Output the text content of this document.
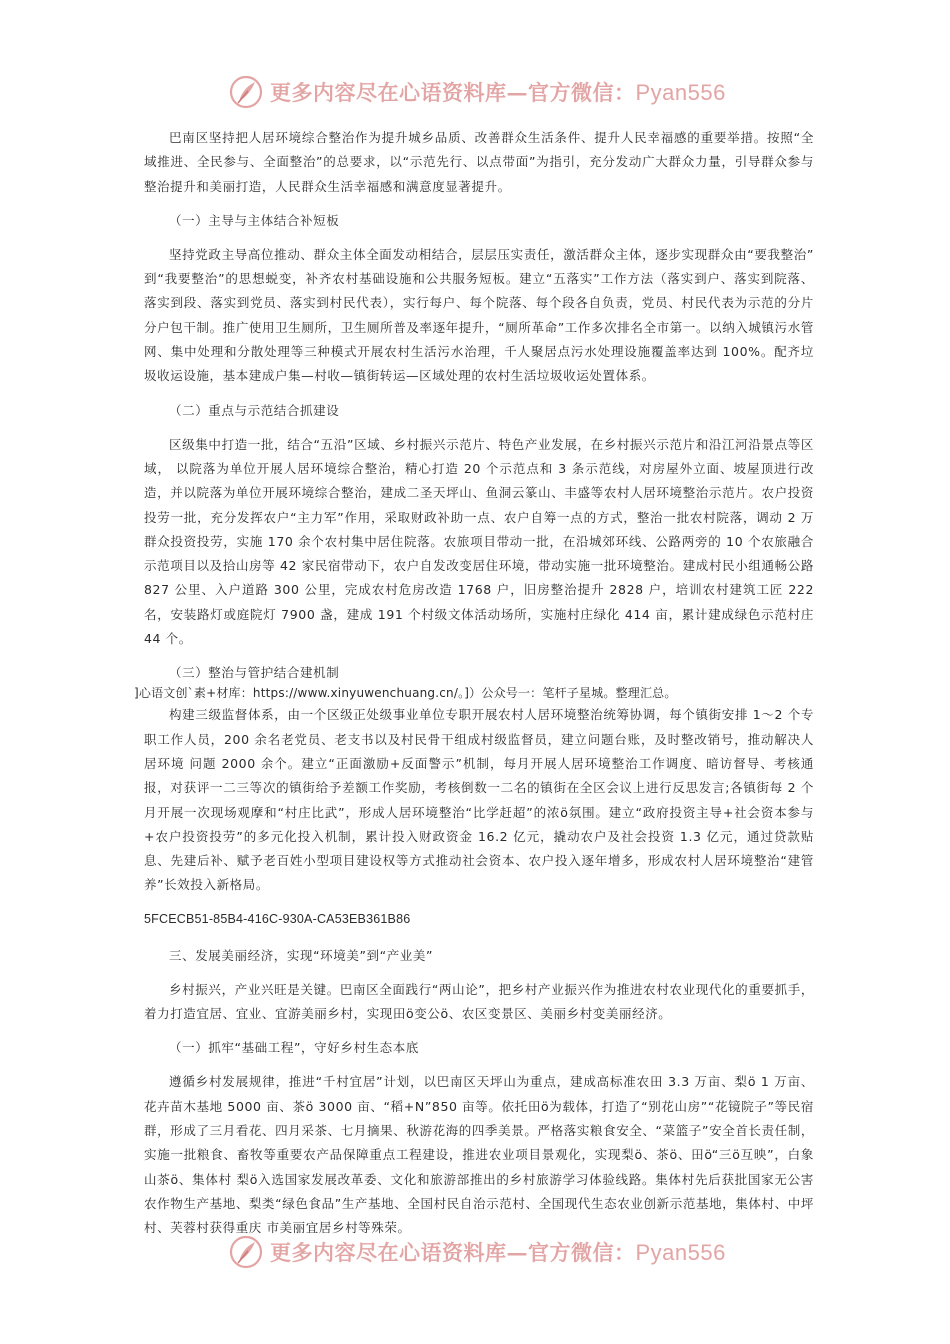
更多内容尽在心语资料库—官方微信：Pyan556

巴南区坚持把人居环境综合整治作为提升城乡品质、改善群众生活条件、提升人民幸福感的重要举措。按照“全域推进、全民参与、全面整治”的总要求，以“示范先行、以点带面”为指引，充分发动广大群众力量，引导群众参与整治提升和美丽打造，人民群众生活幸福感和满意度显著提升。

（一）主导与主体结合补短板

坚持党政主导高位推动、群众主体全面发动相结合，层层压实责任，激活群众主体，逐步实现群众由“要我整治” 到“我要整治”的思想蜕变，补齐农村基础设施和公共服务短板。建立“五落实”工作方法（落实到户、落实到院落、落实到段、落实到党员、落实到村民代表），实行每户、每个院落、每个段各自负责，党员、村民代表为示范的分片分户包干制。推广使用卫生厕所，卫生厕所普及率逐年提升，“厕所革命”工作多次排名全市第一。以纳入城镇污水管网、集中处理和分散处理等三种模式开展农村生活污水治理，千人聚居点污水处理设施覆盖率达到 100%。配齐垃圾收运设施，基本建成户集—村收—镇街转运—区域处理的农村生活垃圾收运处置体系。

（二）重点与示范结合抓建设

区级集中打造一批，结合“五沿”区域、乡村振兴示范片、特色产业发展，在乡村振兴示范片和沿江河沿景点等区域， 以院落为单位开展人居环境综合整治，精心打造 20 个示范点和 3 条示范线，对房屋外立面、坡屋顶进行改造，并以院落为单位开展环境综合整治，建成二圣天坪山、鱼洞云篆山、丰盛等农村人居环境整治示范片。农户投资投劳一批，充分发挥农户“主力军”作用，采取财政补助一点、农户自筹一点的方式，整治一批农村院落，调动 2 万群众投资投劳，实施 170 余个农村集中居住院落。农旅项目带动一批，在沿城郊环线、公路两旁的 10 个农旅融合示范项目以及拾山房等 42 家民宿带动下，农户自发改变居住环境，带动实施一批环境整治。建成村民小组通畅公路 827 公里、入户道路 300 公里，完成农村危房改造 1768 户，旧房整治提升 2828 户，培训农村建筑工匠 222 名，安装路灯或庭院灯 7900 盏，建成 191 个村级文体活动场所，实施村庄绿化 414 亩，累计建成绿色示范村庄 44 个。

（三）整治与管护结合建机制

]心语文创`素+材库：https://www.xinyuwenchuang.cn/。]）公众号一：笔杆子星城。整理汇总。

构建三级监督体系，由一个区级正处级事业单位专职开展农村人居环境整治统筹协调，每个镇街安排 1～2 个专职工作人员，200 余名老党员、老支书以及村民骨干组成村级监督员，建立问题台账，及时整改销号，推动解决人居环境 问题 2000 余个。建立“正面激励+反面警示”机制，每月开展人居环境整治工作调度、暗访督导、考核通报，对获评一二三等次的镇街给予差额工作奖励，考核倒数一二名的镇街在全区会议上进行反思发言;各镇街每 2 个月开展一次现场观摩和“村庄比武”，形成人居环境整治“比学赶超”的浓ö氛围。建立“政府投资主导+社会资本参与+农户投资投劳”的多元化投入机制，累计投入财政资金 16.2 亿元，撬动农户及社会投资 1.3 亿元，通过贷款贴息、先建后补、赋予老百姓小型项目建设权等方式推动社会资本、农户投入逐年增多，形成农村人居环境整治“建管养”长效投入新格局。

5FCECB51-85B4-416C-930A-CA53EB361B86

三、发展美丽经济，实现“环境美”到“产业美”

乡村振兴，产业兴旺是关键。巴南区全面践行“两山论”，把乡村产业振兴作为推进农村农业现代化的重要抓手，着力打造宜居、宜业、宜游美丽乡村，实现田ö变公ö、农区变景区、美丽乡村变美丽经济。

（一）抓牢“基础工程”，守好乡村生态本底

遵循乡村发展规律，推进“千村宜居”计划，以巴南区天坪山为重点，建成高标准农田 3.3 万亩、梨ö 1 万亩、花卉苗木基地 5000 亩、茶ö 3000 亩、“稻+N”850 亩等。依托田ö为载体，打造了“别花山房”“花镜院子”等民宿群，形成了三月看花、四月采茶、七月摘果、秋游花海的四季美景。严格落实粮食安全、“菜篮子”安全首长责任制，实施一批粮食、畜牧等重要农产品保障重点工程建设，推进农业项目景观化，实现梨ö、茶ö、田ö“三ö互映”，白象山茶ö、集体村 梨ö入选国家发展改革委、文化和旅游部推出的乡村旅游学习体验线路。集体村先后获批国家无公害农作物生产基地、梨类“绿色食品”生产基地、全国村民自治示范村、全国现代生态农业创新示范基地，集体村、中坪村、芙蓉村获得重庆 市美丽宜居乡村等殊荣。

更多内容尽在心语资料库—官方微信：Pyan556
